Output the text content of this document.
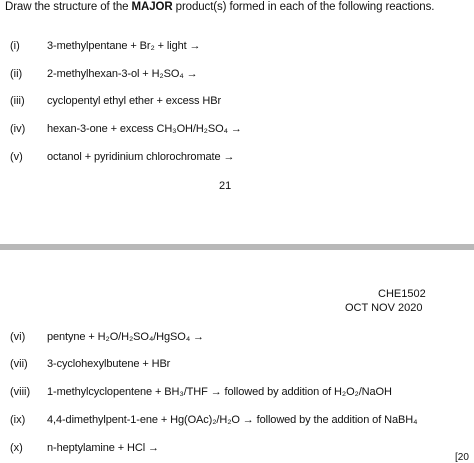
Draw the structure of the MAJOR product(s) formed in each of the following reactions.
(i) 3-methylpentane + Br₂ + light →
(ii) 2-methylhexan-3-ol + H₂SO₄ →
(iii) cyclopentyl ethyl ether + excess HBr
(iv) hexan-3-one + excess CH₃OH/H₂SO₄ →
(v) octanol + pyridinium chlorochromate →
21
CHE1502
OCT NOV 2020
(vi) pentyne + H₂O/H₂SO₄/HgSO₄ →
(vii) 3-cyclohexylbutene + HBr
(viii) 1-methylcyclopentene + BH₃/THF → followed by addition of H₂O₂/NaOH
(ix) 4,4-dimethylpent-1-ene + Hg(OAc)₂/H₂O → followed by the addition of NaBH₄
(x) n-heptylamine + HCl →
[20
